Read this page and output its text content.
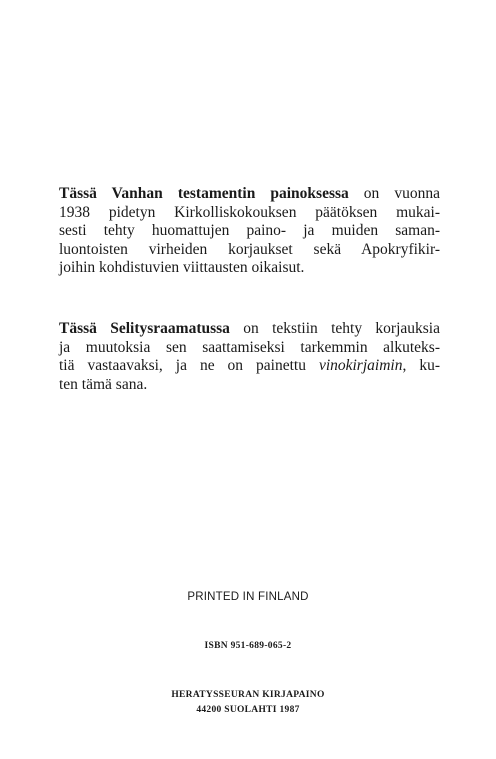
Tässä Vanhan testamentin painoksessa on vuonna
1938 pidetyn Kirkolliskokouksen päätöksen mukai-
sesti tehty huomattujen paino- ja muiden saman-
luontoisten virheiden korjaukset sekä Apokryfikir-
joihin kohdistuvien viittausten oikaisut.
Tässä Selitysraamatussa on tekstiin tehty korjauksia
ja muutoksia sen saattamiseksi tarkemmin alkuteks-
tiä vastaavaksi, ja ne on painettu vinokirjaimin, ku-
ten tämä sana.
PRINTED IN FINLAND
ISBN 951-689-065-2
HERATYSSEURAN KIRJAPAINO
44200 SUOLAHTI 1987
